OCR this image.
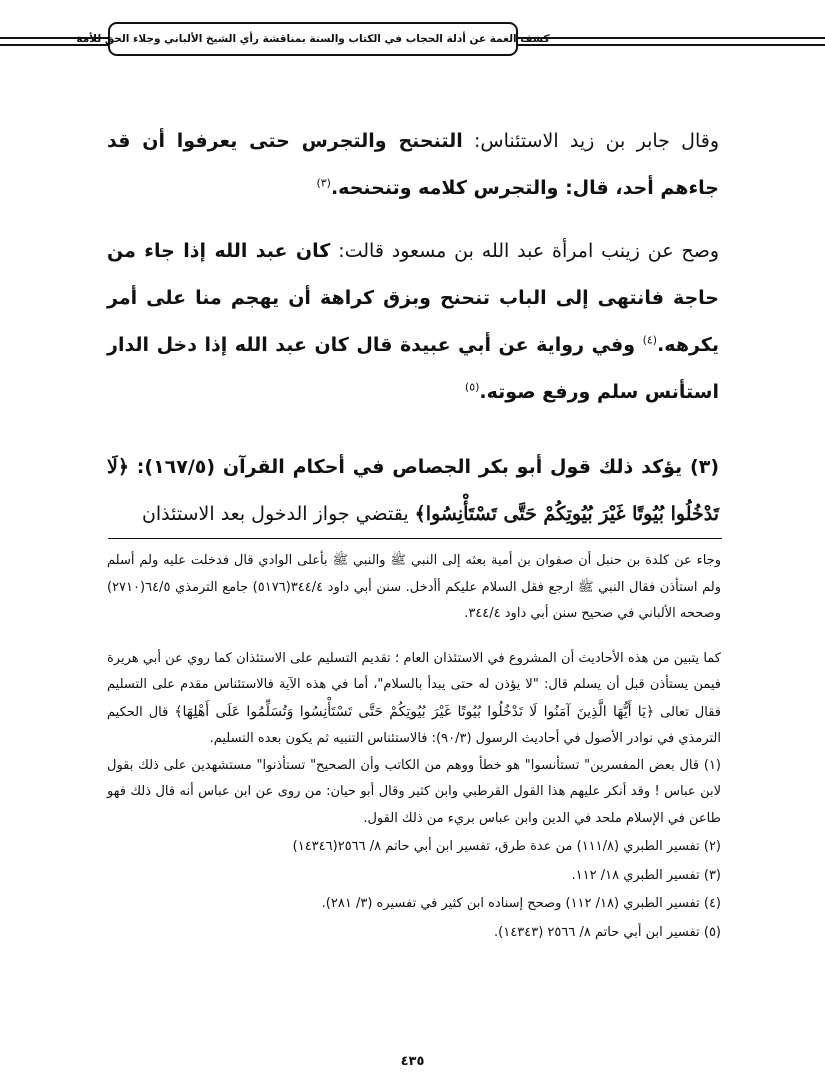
كشف الغمة عن أدلة الحجاب في الكتاب والسنة بمناقشة رأي الشيخ الألباني وجلاء الحق للأمة

وقال جابر بن زيد الاستئناس: التنحنح والتجرس حتى يعرفوا أن قد جاءهم أحد، قال: والتجرس كلامه وتنحنحه.$^{(٣)}$

وصح عن زينب امرأة عبد الله بن مسعود قالت: كان عبد الله إذا جاء من حاجة فانتهى إلى الباب تنحنح وبزق كراهة أن يهجم منا على أمر يكرهه.$^{(٤)}$ وفي رواية عن أبي عبيدة قال كان عبد الله إذا دخل الدار استأنس سلم ورفع صوته.$^{(٥)}$

(٣) يؤكد ذلك قول أبو بكر الجصاص في أحكام القرآن (١٦٧/٥): ﴿لَا تَدْخُلُوا بُيُوتًا غَيْرَ بُيُوتِكُمْ حَتَّى تَسْتَأْنِسُوا﴾ يقتضي جواز الدخول بعد الاستئذان

وجاء عن كلدة بن حنبل أن صفوان بن أمية بعثه إلى النبي ﷺ والنبي ﷺ بأعلى الوادي قال فدخلت عليه ولم أسلم ولم استأذن فقال النبي ﷺ ارجع فقل السلام عليكم أأدخل. سنن أبي داود ٣٤٤/٤(٥١٧٦) جامع الترمذي ٦٤/٥(٢٧١٠) وصححه الألباني في صحيح سنن أبي داود ٣٤٤/٤.

كما يتبين من هذه الأحاديث أن المشروع في الاستئذان العام ؛ تقديم التسليم على الاستئذان كما روي عن أبي هريرة فيمن يستأذن قبل أن يسلم قال: "لا يؤذن له حتى يبدأ بالسلام"، أما في هذه الآية فالاستئناس مقدم على التسليم فقال تعالى ﴿يَا أَيُّهَا الَّذِينَ آمَنُوا لَا تَدْخُلُوا بُيُوتًا غَيْرَ بُيُوتِكُمْ حَتَّى تَسْتَأْنِسُوا وَتُسَلِّمُوا عَلَى أَهْلِهَا﴾ قال الحكيم الترمذي في نوادر الأصول في أحاديث الرسول (٩٠/٣): فالاستئناس التنبيه ثم يكون بعده التسليم.

(١) قال بعض المفسرين" تستأنسوا" هو خطأ ووهم من الكاتب وأن الصحيح" تستأذنوا" مستشهدين على ذلك بقول لابن عباس ! وقد أنكر عليهم هذا القول القرطبي وابن كثير وقال أبو حيان: من روى عن ابن عباس أنه قال ذلك فهو طاعن في الإسلام ملحد في الدين وابن عباس بريء من ذلك القول.

(٢) تفسير الطبري (١١١/٨) من عدة طرق، تفسير ابن أبي حاتم ٨/ ٢٥٦٦(١٤٣٤٦)

(٣) تفسير الطبري ١٨/ ١١٢.

(٤) تفسير الطبري (١٨/ ١١٢) وصحح إسناده ابن كثير في تفسيره (٣/ ٢٨١).

(٥) تفسير ابن أبي حاتم ٨/ ٢٥٦٦ (١٤٣٤٣).

٤٣٥
